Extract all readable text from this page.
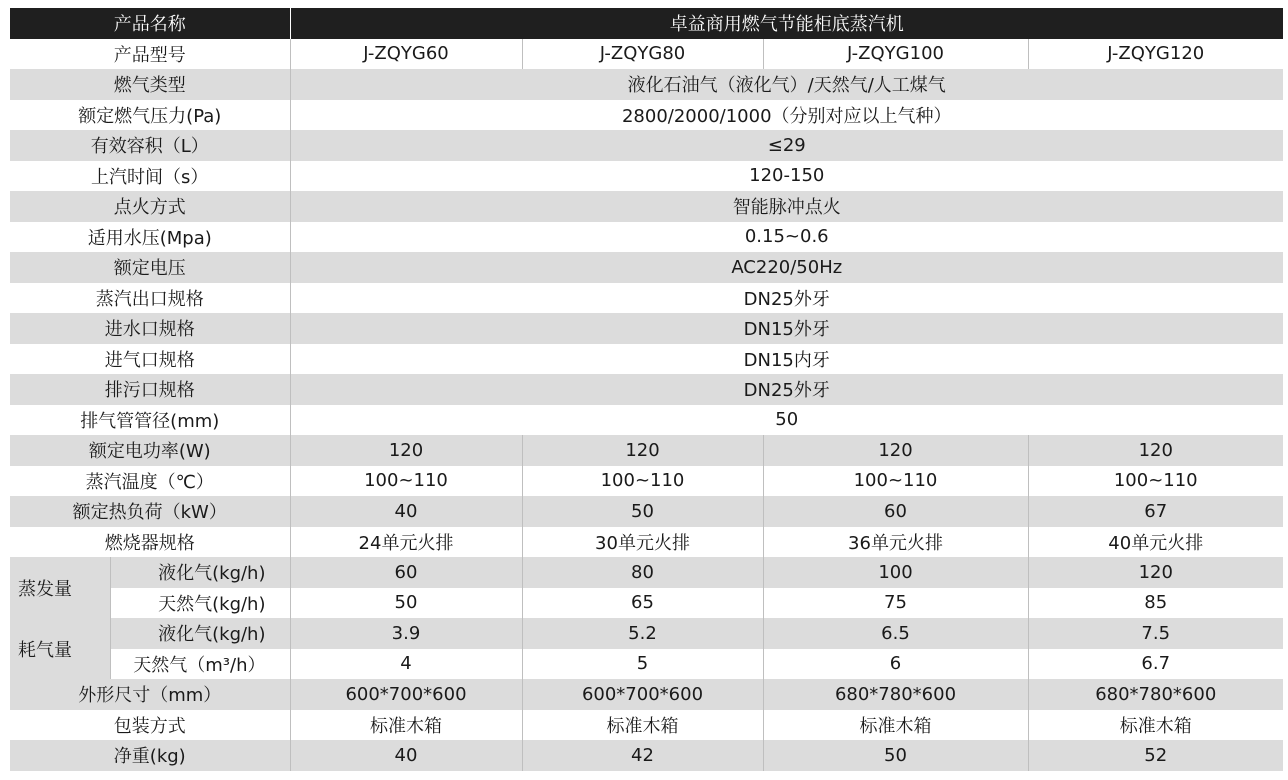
产品名称		卓益商用燃气节能柜底蒸汽机			
产品型号		J-ZQYG60	J-ZQYG80	J-ZQYG100	J-ZQYG120
燃气类型		液化石油气（液化气）/天然气/人工煤气			
额定燃气压力(Pa)		2800/2000/1000（分别对应以上气种）			
有效容积（L）		≤29			
上汽时间（s）		120-150			
点火方式		智能脉冲点火			
适用水压(Mpa)		0.15~0.6			
额定电压		AC220/50Hz			
蒸汽出口规格		DN25外牙			
进水口规格		DN15外牙			
进气口规格		DN15内牙			
排污口规格		DN25外牙			
排气管管径(mm)		50			
额定电功率(W)		120	120	120	120
蒸汽温度（℃）		100~110	100~110	100~110	100~110
额定热负荷（kW）		40	50	60	67
燃烧器规格		24单元火排	30单元火排	36单元火排	40单元火排
蒸发量	液化气(kg/h)	60	80	100	120
	天然气(kg/h)	50	65	75	85
耗气量	液化气(kg/h)	3.9	5.2	6.5	7.5
	天然气（m³/h）	4	5	6	6.7
外形尺寸（mm）		600*700*600	600*700*600	680*780*600	680*780*600
包装方式		标准木箱	标准木箱	标准木箱	标准木箱
净重(kg)		40	42	50	52
